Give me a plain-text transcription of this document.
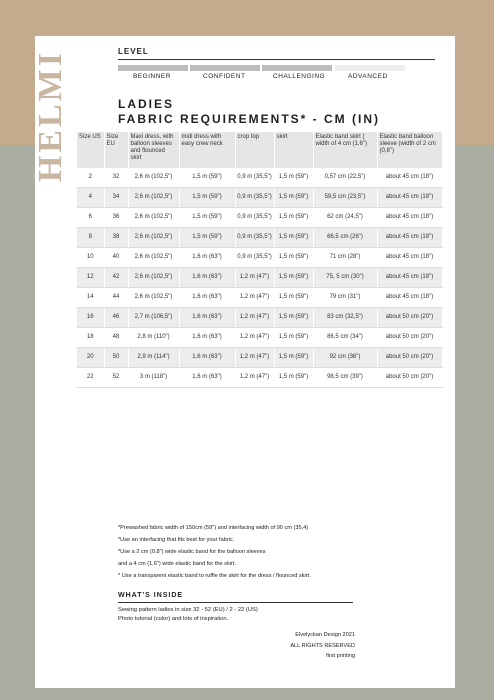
HELMI	LEVEL
BEGINNER	CONFIDENT	CHALLENGING	ADVANCED
LADIES
FABRIC REQUIREMENTS* - CM (IN)
Size US	Size EU	Maxi dress, with balloon sleeves and flounced skirt	midi dress with easy crew neck	crop top	skirt	Elastic band skirt ( width of 4 cm (1,6")	Elastic band balloon sleeve (width of 2 cm (0,8")
2	32	2,6 m (102,5")	1,5 m (59")	0,9 m (35,5")	1,5 m (59")	0,57 cm (22,5")	about 45 cm (18")
4	34	2,6 m (102,5")	1,5 m (59")	0,9 m (35,5")	1,5 m (59")	59,5 cm (23,5")	about 45 cm (18")
6	36	2,6 m (102,5")	1,5 m (59")	0,9 m (35,5")	1,5 m (59")	62 cm (24,5")	about 45 cm (18")
8	38	2,6 m (102,5")	1,5 m (59")	0,9 m (35,5")	1,5 m (59")	66,5 cm (26")	about 45 cm (18")
10	40	2,6 m (102,5")	1,6 m (63")	0,9 m (35,5")	1,5 m (59")	71 cm (28")	about 45 cm (18")
12	42	2,6 m (102,5")	1,6 m (63")	1,2 m (47")	1,5 m (59")	75, 5 cm (30")	about 45 cm (18")
14	44	2,6 m (102,5")	1,6 m (63")	1,2 m (47")	1,5 m (59")	79 cm (31")	about 45 cm (18")
16	46	2,7 m (106,5")	1,6 m (63")	1,2 m (47")	1,5 m (59")	83 cm (32,5")	about 50 cm (20")
18	48	2,8 m (110")	1,6 m (63")	1,2 m (47")	1,5 m (59")	86,5 cm (34")	about 50 cm (20")
20	50	2,9 m (114")	1,6 m (63")	1,2 m (47")	1,5 m (59")	92 cm (36")	about 50 cm (20")
22	52	3 m (118")	1,6 m (63")	1,2 m (47")	1,5 m (59")	98,5 cm (39")	about 50 cm (20")
*Prewashed fabric width of 150cm (59") and interfacing width of 90 cm (35,4)
*Use an interfacing that fits best for your fabric.
*Use a 2 cm (0,8") wide elastic band for the balloon sleeves
and a 4 cm (1,6") wide elastic band for the skirt.
* Use a transparent elastic band to ruffle the skirt for the dress / flounced skirt.
WHAT'S INSIDE
Sewing pattern ladies in size 32 - 52 (EU) / 2 - 22 (US)
Photo tutorial (color) and lots of inspiration.
Elvelyckan Design 2021
ALL RIGHTS RESERVED
first printing
